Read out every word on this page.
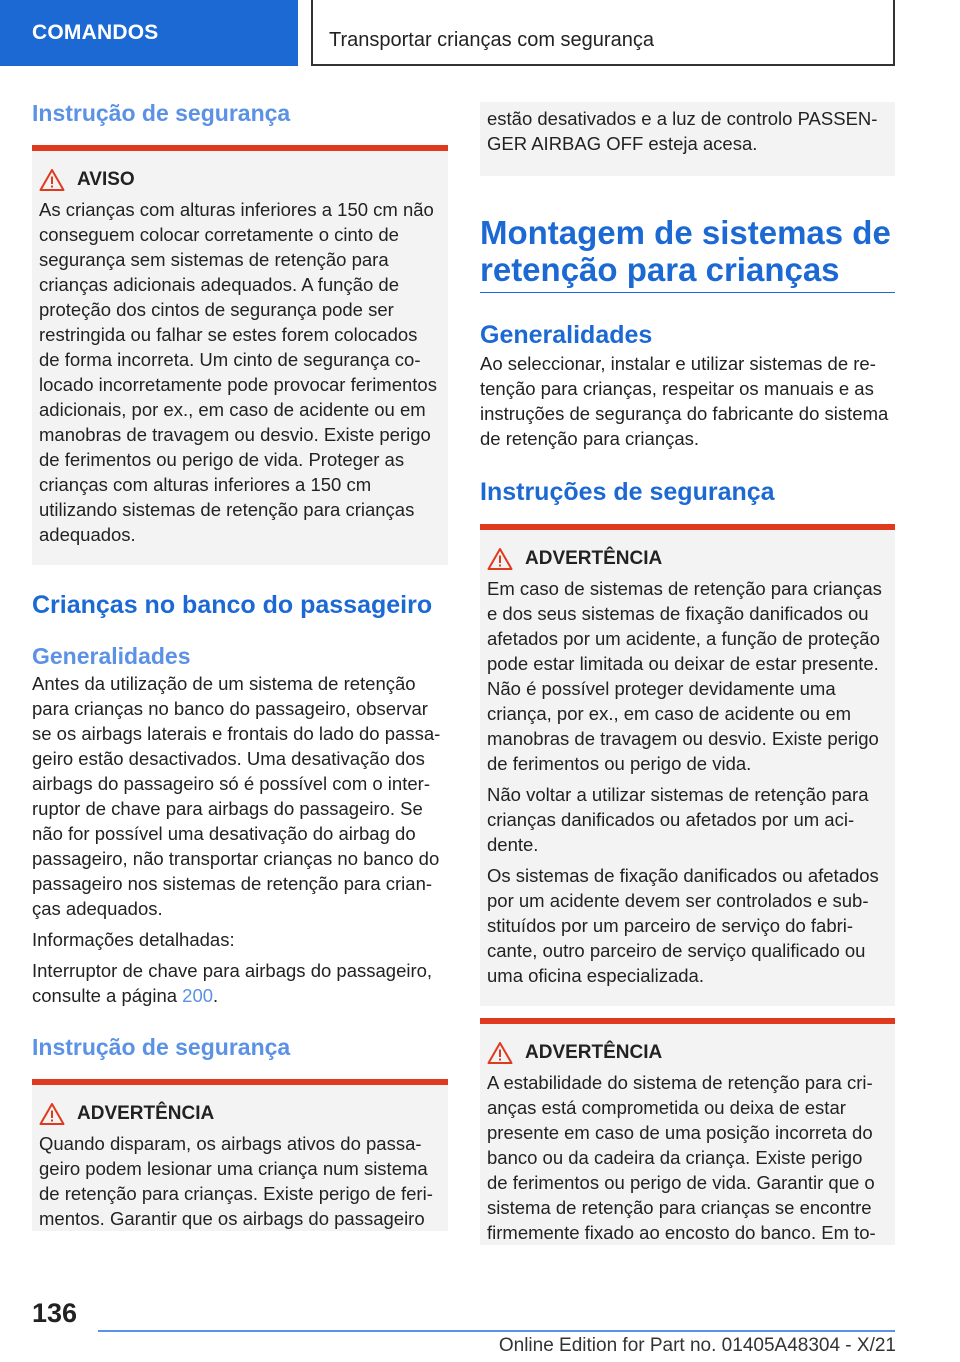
COMANDOS	Transportar crianças com segurança
Instrução de segurança
AVISO

As crianças com alturas inferiores a 150 cm não conseguem colocar corretamente o cinto de segurança sem sistemas de retenção para crianças adicionais adequados. A função de proteção dos cintos de segurança pode ser restringida ou falhar se estes forem colocados de forma incorreta. Um cinto de segurança colocado incorretamente pode provocar ferimentos adicionais, por ex., em caso de acidente ou em manobras de travagem ou desvio. Existe perigo de ferimentos ou perigo de vida. Proteger as crianças com alturas inferiores a 150 cm utilizando sistemas de retenção para crianças adequados.

Crianças no banco do passageiro
Generalidades

Antes da utilização de um sistema de retenção para crianças no banco do passageiro, observar se os airbags laterais e frontais do lado do passageiro estão desactivados. Uma desativação dos airbags do passageiro só é possível com o interruptor de chave para airbags do passageiro. Se não for possível uma desativação do airbag do passageiro, não transportar crianças no banco do passageiro nos sistemas de retenção para crianças adequados.

Informações detalhadas:

Interruptor de chave para airbags do passageiro, consulte a página 200.

Instrução de segurança
ADVERTÊNCIA

Quando disparam, os airbags ativos do passageiro podem lesionar uma criança num sistema de retenção para crianças. Existe perigo de ferimentos. Garantir que os airbags do passageiro

estão desativados e a luz de controlo PASSENGER AIRBAG OFF esteja acesa.

Montagem de sistemas de retenção para crianças
Generalidades

Ao seleccionar, instalar e utilizar sistemas de retenção para crianças, respeitar os manuais e as instruções de segurança do fabricante do sistema de retenção para crianças.

Instruções de segurança
ADVERTÊNCIA

Em caso de sistemas de retenção para crianças e dos seus sistemas de fixação danificados ou afetados por um acidente, a função de proteção pode estar limitada ou deixar de estar presente. Não é possível proteger devidamente uma criança, por ex., em caso de acidente ou em manobras de travagem ou desvio. Existe perigo de ferimentos ou perigo de vida.

Não voltar a utilizar sistemas de retenção para crianças danificados ou afetados por um acidente.

Os sistemas de fixação danificados ou afetados por um acidente devem ser controlados e substituídos por um parceiro de serviço do fabricante, outro parceiro de serviço qualificado ou uma oficina especializada.

ADVERTÊNCIA

A estabilidade do sistema de retenção para crianças está comprometida ou deixa de estar presente em caso de uma posição incorreta do banco ou da cadeira da criança. Existe perigo de ferimentos ou perigo de vida. Garantir que o sistema de retenção para crianças se encontre firmemente fixado ao encosto do banco. Em to-

136
Online Edition for Part no. 01405A48304 - X/21
